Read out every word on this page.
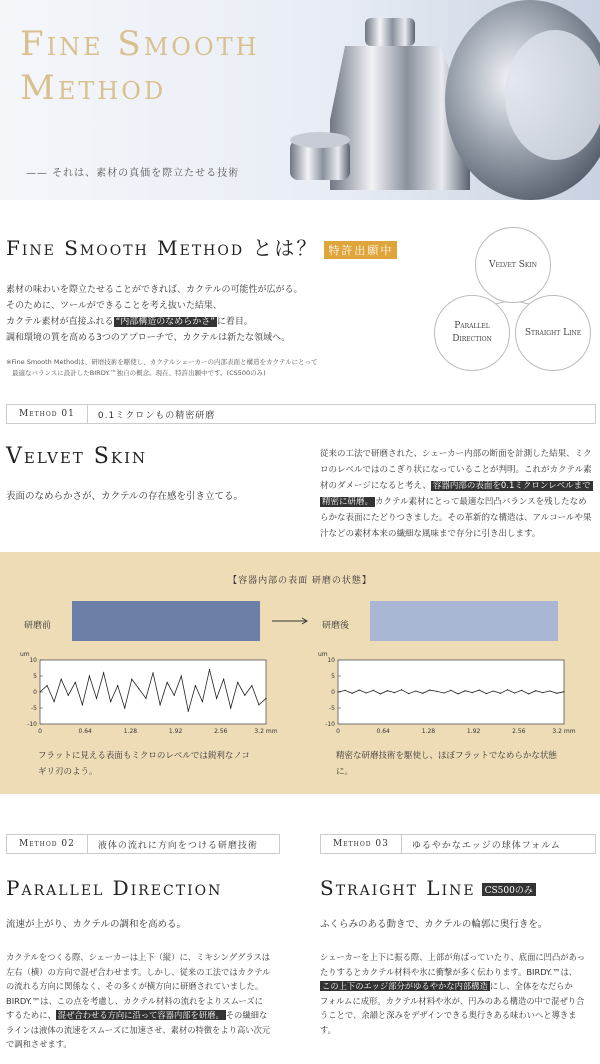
Fine Smooth
Method
—— それは、素材の真価を際立たせる技術
Fine Smooth Method とは？ 特許出願中
素材の味わいを際立たせることができれば、カクテルの可能性が広がる。
そのために、ツールができることを考え抜いた結果、
カクテル素材が直接ふれる “内部構造のなめらかさ” に着目。
調和環境の質を高める3つのアプローチで、カクテルは新たな領域へ。
※Fine Smooth Methodは、研磨技術を駆使し、カクテルシェーカーの内部表面と構造をカクテルにとって
最適なバランスに設計したBIRDY.™独自の概念。現在、特許出願中です。(CS500のみ)
Velvet Skin
Parallel Direction
Straight Line
Method 01	0.1ミクロンもの精密研磨
Velvet Skin
表面のなめらかさが、カクテルの存在感を引き立てる。
従来の工法で研磨された、シェーカー内部の断面を計測した結果、ミク
ロのレベルではのこぎり状になっていることが判明。これがカクテル素
材のダメージになると考え、 容器内部の表面を0.1ミクロンレベルまで
精密に研磨。 カクテル素材にとって最適な凹凸バランスを残したなめ
らかな表面にたどりつきました。その革新的な構造は、アルコールや果
汁などの素材本来の繊細な風味まで存分に引き出します。
【容器内部の表面 研磨の状態】
研磨前	研磨後
um
-10
-5
0
5
10
0	0.64	1.28	1.92	2.56	3.2 mm
um
-10
-5
0
5
10
0	0.64	1.28	1.92	2.56	3.2 mm
フラットに見える表面もミクロのレベルでは鋭利なノコ
ギリ刃のよう。
精密な研磨技術を駆使し、ほぼフラットでなめらかな状態
に。
Method 02	液体の流れに方向をつける研磨技術
Parallel Direction
流速が上がり、カクテルの調和を高める。
カクテルをつくる際、シェーカーは上下（縦）に、ミキシンググラスは
左右（横）の方向で混ぜ合わせます。しかし、従来の工法ではカクテル
の流れる方向に関係なく、その多くが横方向に研磨されていました。
BIRDY.™は、この点を考慮し、カクテル材料の流れをよりスムーズに
するために、 混ぜ合わせる方向に沿って容器内部を研磨。 その繊細な
ラインは液体の流速をスムーズに加速させ、素材の特徴をより高い次元
で調和させます。
Method 03	ゆるやかなエッジの球体フォルム
Straight Line CS500のみ
ふくらみのある動きで、カクテルの輪郭に奥行きを。
シェーカーを上下に振る際、上部が角ばっていたり、底面に凹凸があっ
たりするとカクテル材料や氷に衝撃が多く伝わります。BIRDY.™は、
この上下のエッジ部分がゆるやかな内部構造 にし、全体をなだらか
フォルムに成形。カクテル材料や氷が、円みのある構造の中で混ぜり合
うことで、余韻と深みをデザインできる奥行きある味わいへと導きま
す。
